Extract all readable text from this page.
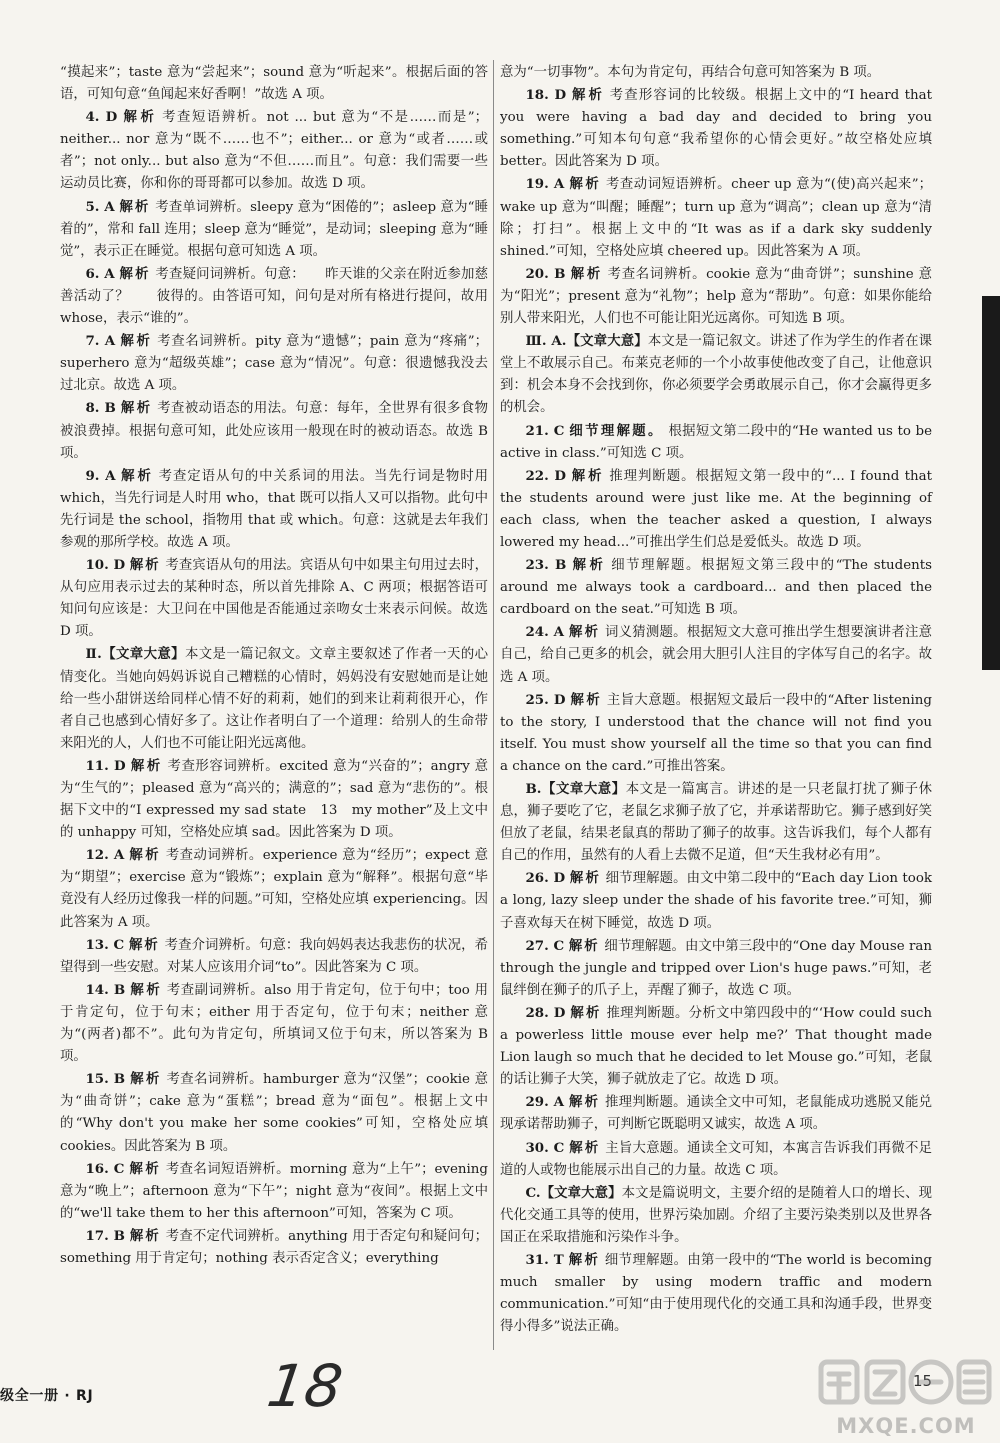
“摸起来”；taste 意为“尝起来”；sound 意为“听起来”。根据后面的答语，可知句意“鱼闻起来好香啊！”故选 A 项。

4. D 解析 考查短语辨析。not ... but 意为“不是……而是”；neither... nor 意为“既不……也不”；either... or 意为“或者……或者”；not only... but also 意为“不但……而且”。句意：我们需要一些运动员比赛，你和你的哥哥都可以参加。故选 D 项。

5. A 解析 考查单词辨析。sleepy 意为“困倦的”；asleep 意为“睡着的”，常和 fall 连用；sleep 意为“睡觉”，是动词；sleeping 意为“睡觉”，表示正在睡觉。根据句意可知选 A 项。

6. A 解析 考查疑问词辨析。句意：　　昨天谁的父亲在附近参加慈善活动了？　　彼得的。由答语可知，问句是对所有格进行提问，故用 whose，表示“谁的”。

7. A 解析 考查名词辨析。pity 意为“遗憾”；pain 意为“疼痛”；superhero 意为“超级英雄”；case 意为“情况”。句意：很遗憾我没去过北京。故选 A 项。

8. B 解析 考查被动语态的用法。句意：每年，全世界有很多食物被浪费掉。根据句意可知，此处应该用一般现在时的被动语态。故选 B 项。

9. A 解析 考查定语从句的中关系词的用法。当先行词是物时用 which，当先行词是人时用 who，that 既可以指人又可以指物。此句中先行词是 the school，指物用 that 或 which。句意：这就是去年我们参观的那所学校。故选 A 项。

10. D 解析 考查宾语从句的用法。宾语从句中如果主句用过去时，从句应用表示过去的某种时态，所以首先排除 A、C 两项；根据答语可知问句应该是：大卫问在中国他是否能通过亲吻女士来表示问候。故选 D 项。

Ⅱ.【文章大意】本文是一篇记叙文。文章主要叙述了作者一天的心情变化。当她向妈妈诉说自己糟糕的心情时，妈妈没有安慰她而是让她给一些小甜饼送给同样心情不好的莉莉，她们的到来让莉莉很开心，作者自己也感到心情好多了。这让作者明白了一个道理：给别人的生命带来阳光的人，人们也不可能让阳光远离他。

11. D 解析 考查形容词辨析。excited 意为“兴奋的”；angry 意为“生气的”；pleased 意为“高兴的；满意的”；sad 意为“悲伤的”。根据下文中的“I expressed my sad state　13　my mother”及上文中的 unhappy 可知，空格处应填 sad。因此答案为 D 项。

12. A 解析 考查动词辨析。experience 意为“经历”；expect 意为“期望”；exercise 意为“锻炼”；explain 意为“解释”。根据句意“毕竟没有人经历过像我一样的问题。”可知，空格处应填 experiencing。因此答案为 A 项。

13. C 解析 考查介词辨析。句意：我向妈妈表达我悲伤的状况，希望得到一些安慰。对某人应该用介词“to”。因此答案为 C 项。

14. B 解析 考查副词辨析。also 用于肯定句，位于句中；too 用于肯定句，位于句末；either 用于否定句，位于句末；neither 意为“(两者)都不”。此句为肯定句，所填词又位于句末，所以答案为 B 项。

15. B 解析 考查名词辨析。hamburger 意为“汉堡”；cookie 意为“曲奇饼”；cake 意为“蛋糕”；bread 意为“面包”。根据上文中的“Why don't you make her some cookies”可知，空格处应填 cookies。因此答案为 B 项。

16. C 解析 考查名词短语辨析。morning 意为“上午”；evening 意为“晚上”；afternoon 意为“下午”；night 意为“夜间”。根据上文中的“we'll take them to her this afternoon”可知，答案为 C 项。

17. B 解析 考查不定代词辨析。anything 用于否定句和疑问句；something 用于肯定句；nothing 表示否定含义；everything

意为“一切事物”。本句为肯定句，再结合句意可知答案为 B 项。

18. D 解析 考查形容词的比较级。根据上文中的“I heard that you were having a bad day and decided to bring you something.”可知本句句意“我希望你的心情会更好。”故空格处应填 better。因此答案为 D 项。

19. A 解析 考查动词短语辨析。cheer up 意为“(使)高兴起来”；wake up 意为“叫醒；睡醒”；turn up 意为“调高”；clean up 意为“清除；打扫”。根据上文中的“It was as if a dark sky suddenly shined.”可知，空格处应填 cheered up。因此答案为 A 项。

20. B 解析 考查名词辨析。cookie 意为“曲奇饼”；sunshine 意为“阳光”；present 意为“礼物”；help 意为“帮助”。句意：如果你能给别人带来阳光，人们也不可能让阳光远离你。可知选 B 项。

Ⅲ. A.【文章大意】本文是一篇记叙文。讲述了作为学生的作者在课堂上不敢展示自己。布莱克老师的一个小故事使他改变了自己，让他意识到：机会本身不会找到你，你必须要学会勇敢展示自己，你才会赢得更多的机会。

21. C 细节理解题。 根据短文第二段中的“He wanted us to be active in class.”可知选 C 项。

22. D 解析 推理判断题。根据短文第一段中的“... I found that the students around were just like me. At the beginning of each class, when the teacher asked a question, I always lowered my head...”可推出学生们总是爱低头。故选 D 项。

23. B 解析 细节理解题。根据短文第三段中的“The students around me always took a cardboard... and then placed the cardboard on the seat.”可知选 B 项。

24. A 解析 词义猜测题。根据短文大意可推出学生想要演讲者注意自己，给自己更多的机会，就会用大胆引人注目的字体写自己的名字。故选 A 项。

25. D 解析 主旨大意题。根据短文最后一段中的“After listening to the story, I understood that the chance will not find you itself. You must show yourself all the time so that you can find a chance on the card.”可推出答案。

B.【文章大意】本文是一篇寓言。讲述的是一只老鼠打扰了狮子休息，狮子要吃了它，老鼠乞求狮子放了它，并承诺帮助它。狮子感到好笑但放了老鼠，结果老鼠真的帮助了狮子的故事。这告诉我们，每个人都有自己的作用，虽然有的人看上去微不足道，但“天生我材必有用”。

26. D 解析 细节理解题。由文中第二段中的“Each day Lion took a long, lazy sleep under the shade of his favorite tree.”可知，狮子喜欢每天在树下睡觉，故选 D 项。

27. C 解析 细节理解题。由文中第三段中的“One day Mouse ran through the jungle and tripped over Lion's huge paws.”可知，老鼠绊倒在狮子的爪子上，弄醒了狮子，故选 C 项。

28. D 解析 推理判断题。分析文中第四段中的“‘How could such a powerless little mouse ever help me?’ That thought made Lion laugh so much that he decided to let Mouse go.”可知，老鼠的话让狮子大笑，狮子就放走了它。故选 D 项。

29. A 解析 推理判断题。通读全文中可知，老鼠能成功逃脱又能兑现承诺帮助狮子，可判断它既聪明又诚实，故选 A 项。

30. C 解析 主旨大意题。通读全文可知，本寓言告诉我们再微不足道的人或物也能展示出自己的力量。故选 C 项。

C.【文章大意】本文是篇说明文，主要介绍的是随着人口的增长、现代化交通工具等的使用，世界污染加剧。介绍了主要污染类别以及世界各国正在采取措施和污染作斗争。

31. T 解析 细节理解题。由第一段中的“The world is becoming much smaller by using modern traffic and modern communication.”可知“由于使用现代化的交通工具和沟通手段，世界变得小得多”说法正确。

级全一册 · RJ	18	15
MXQE.COM
